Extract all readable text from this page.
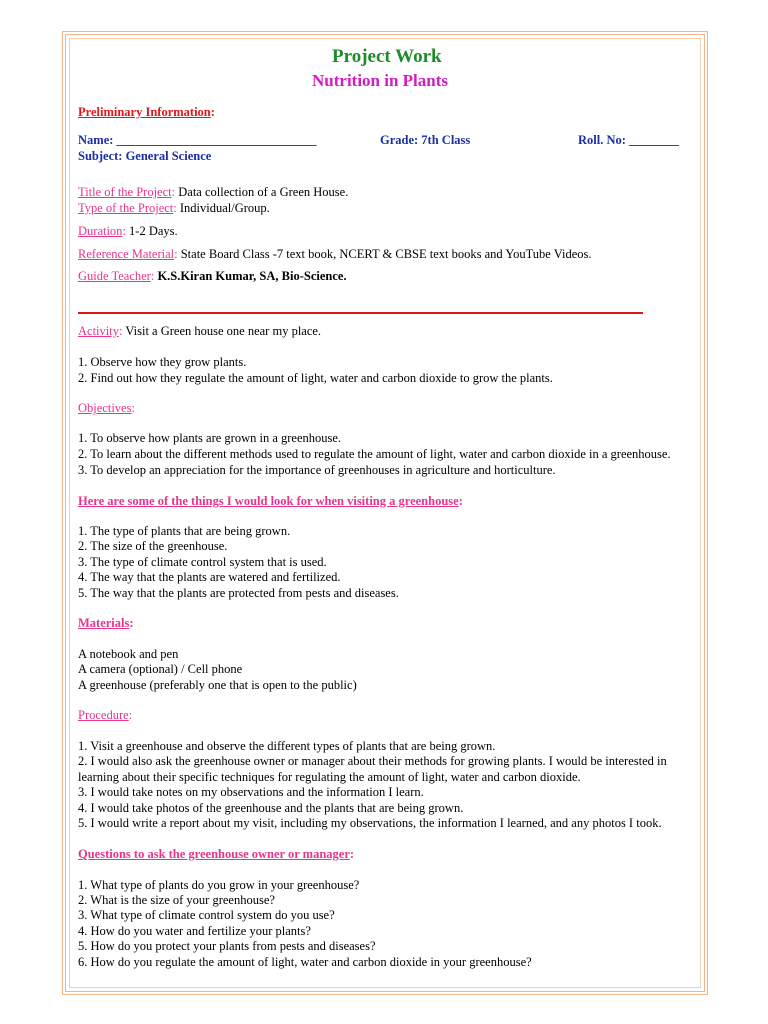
Project Work
Nutrition in Plants
Preliminary Information:
Name: ________________________________	Grade: 7th Class	Roll. No: ________
Subject: General Science
Title of the Project: Data collection of a Green House.
Type of the Project: Individual/Group.
Duration: 1-2 Days.
Reference Material: State Board Class -7 text book, NCERT & CBSE text books and YouTube Videos.
Guide Teacher: K.S.Kiran Kumar, SA, Bio-Science.
Activity: Visit a Green house one near my place.
1. Observe how they grow plants.
2. Find out how they regulate the amount of light, water and carbon dioxide to grow the plants.
Objectives:
1. To observe how plants are grown in a greenhouse.
2. To learn about the different methods used to regulate the amount of light, water and carbon dioxide in a greenhouse.
3. To develop an appreciation for the importance of greenhouses in agriculture and horticulture.
Here are some of the things I would look for when visiting a greenhouse:
1. The type of plants that are being grown.
2. The size of the greenhouse.
3. The type of climate control system that is used.
4. The way that the plants are watered and fertilized.
5. The way that the plants are protected from pests and diseases.
Materials:
A notebook and pen
A camera (optional) / Cell phone
A greenhouse (preferably one that is open to the public)
Procedure:
1. Visit a greenhouse and observe the different types of plants that are being grown.
2. I would also ask the greenhouse owner or manager about their methods for growing plants. I would be interested in
learning about their specific techniques for regulating the amount of light, water and carbon dioxide.
3. I would take notes on my observations and the information I learn.
4. I would take photos of the greenhouse and the plants that are being grown.
5. I would write a report about my visit, including my observations, the information I learned, and any photos I took.
Questions to ask the greenhouse owner or manager:
1. What type of plants do you grow in your greenhouse?
2. What is the size of your greenhouse?
3. What type of climate control system do you use?
4. How do you water and fertilize your plants?
5. How do you protect your plants from pests and diseases?
6. How do you regulate the amount of light, water and carbon dioxide in your greenhouse?
